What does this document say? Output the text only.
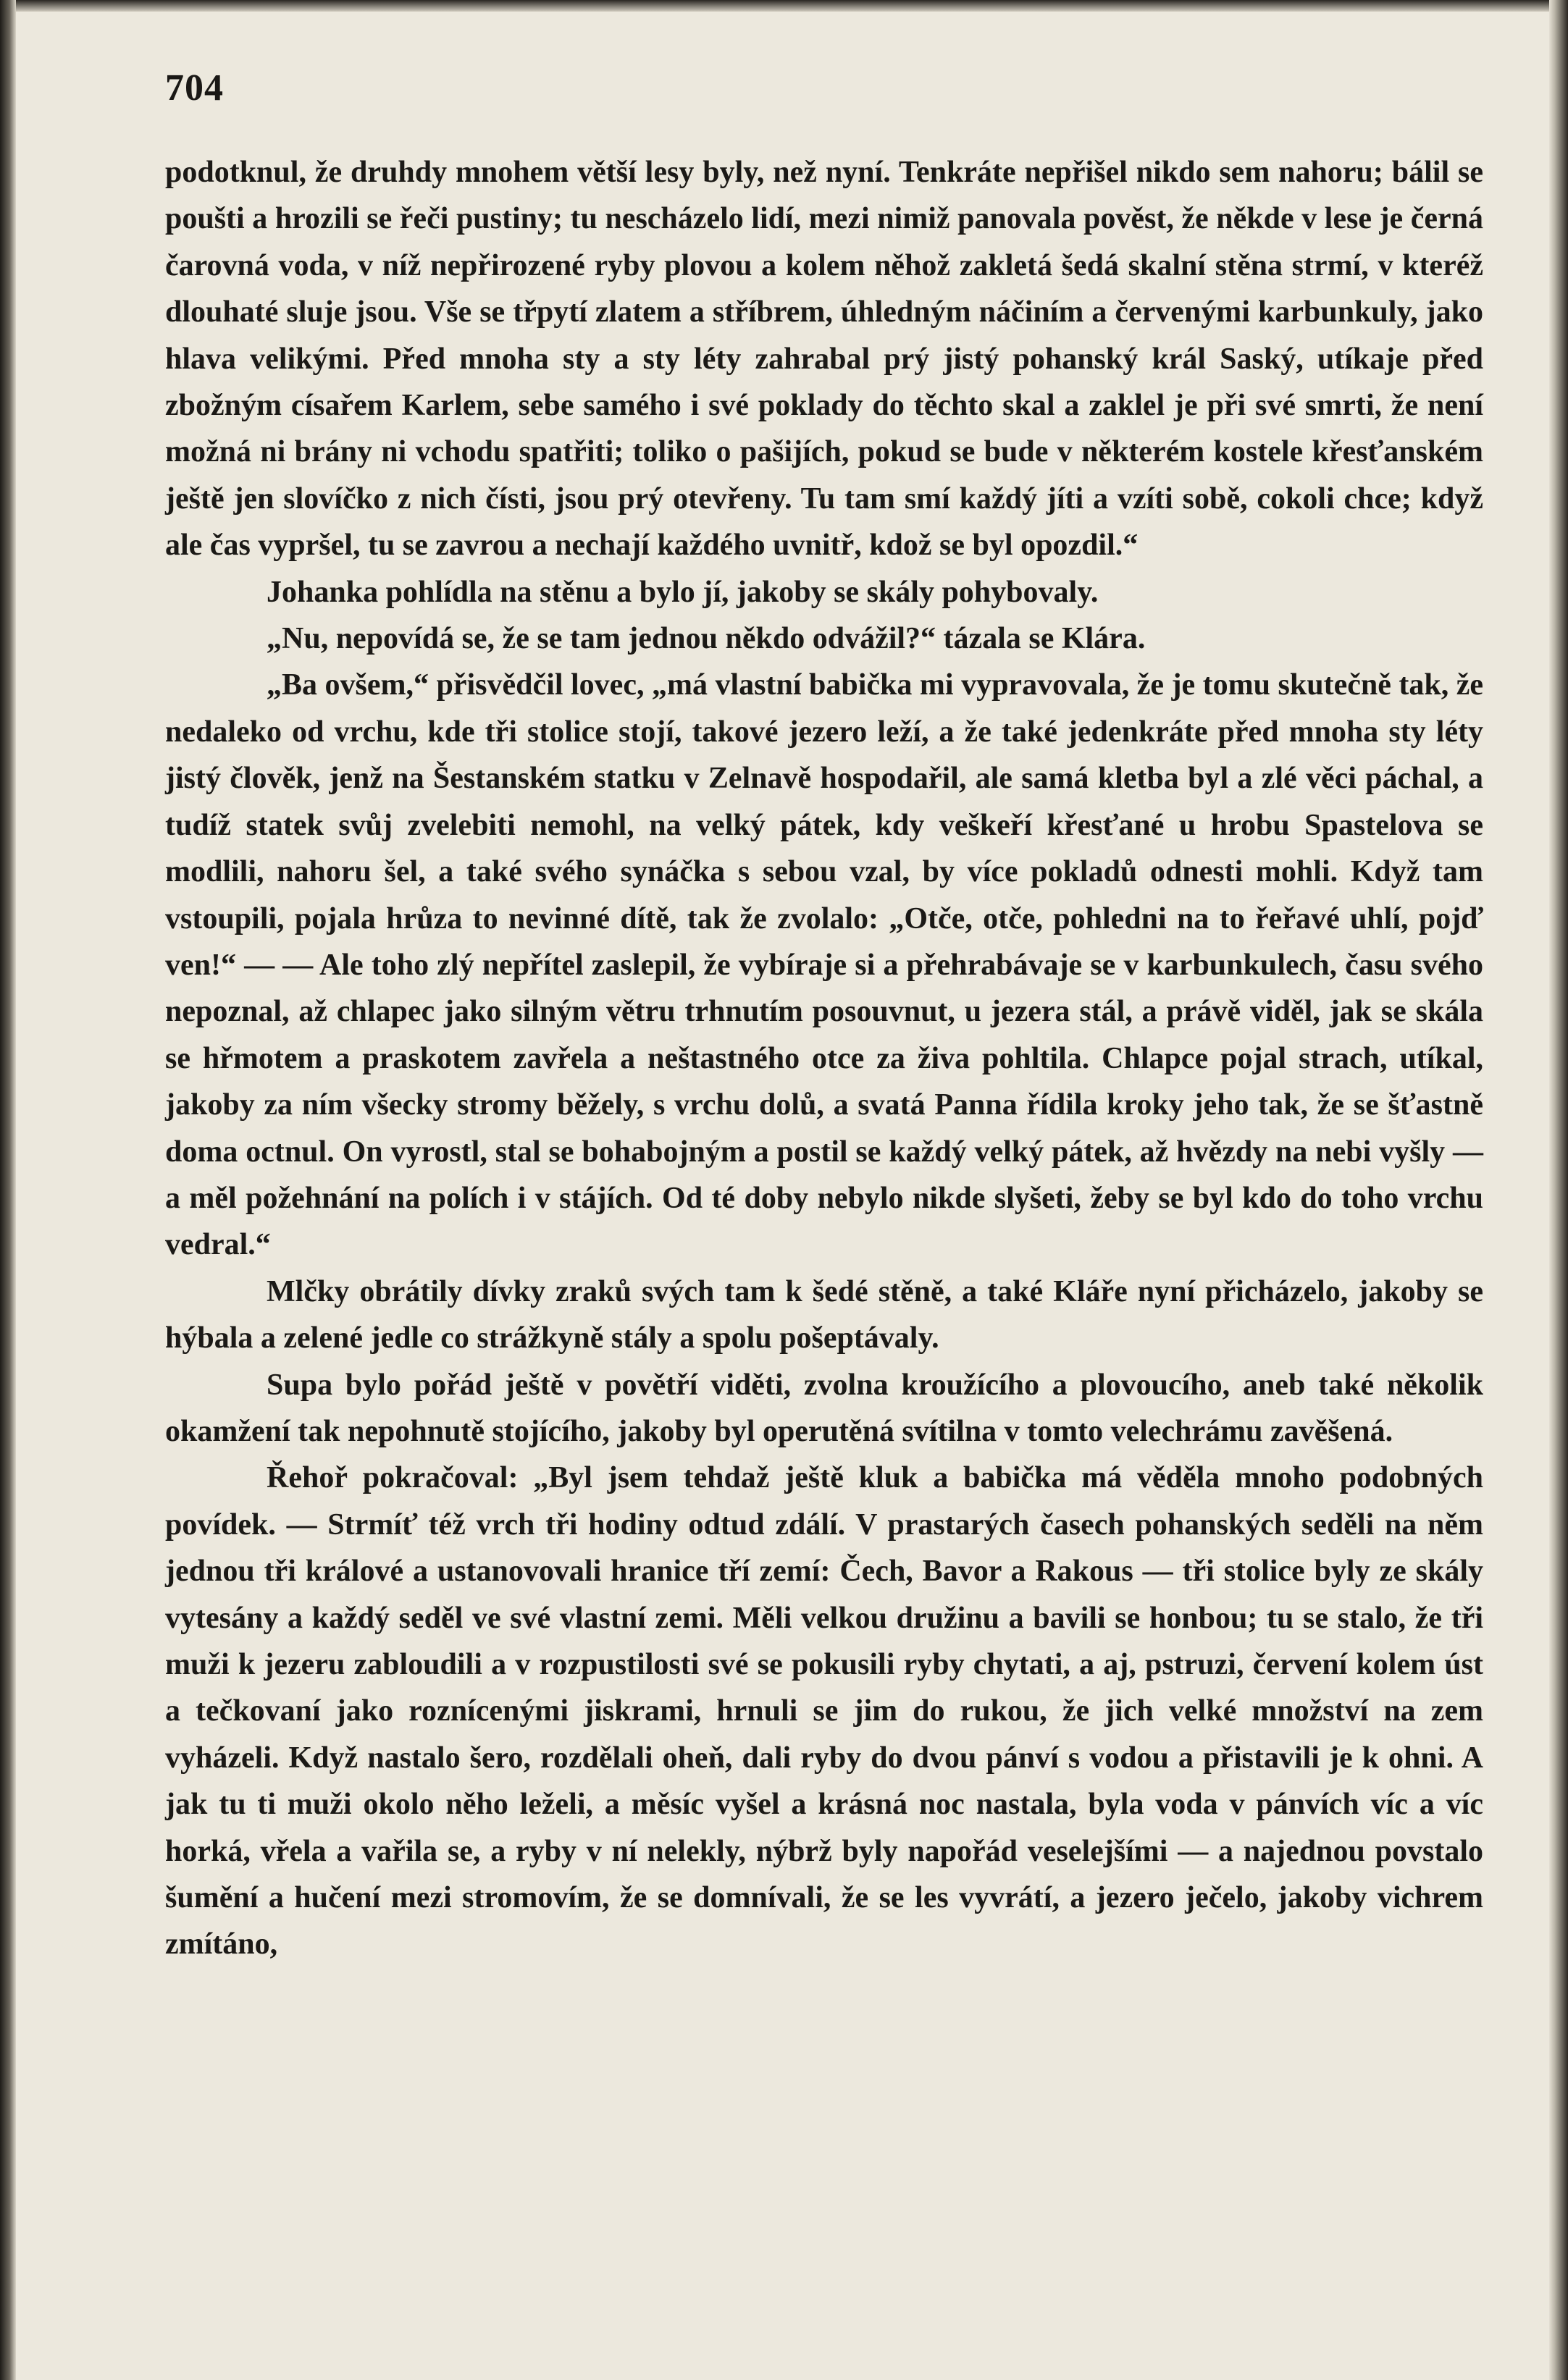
704

podotknul, že druhdy mnohem větší lesy byly, než nyní. Tenkráte nepřišel nikdo sem nahoru; bálil se poušti a hrozili se řeči pustiny; tu nescházelo lidí, mezi nimiž panovala pověst, že někde v lese je černá čarovná voda, v níž nepřirozené ryby plovou a kolem něhož zakletá šedá skalní stěna strmí, v kteréž dlouhaté sluje jsou. Vše se třpytí zlatem a stříbrem, úhledným náčiním a červenými karbunkuly, jako hlava velikými. Před mnoha sty a sty léty zahrabal prý jistý pohanský král Saský, utíkaje před zbožným císařem Karlem, sebe samého i své poklady do těchto skal a zaklel je při své smrti, že není možná ni brány ni vchodu spatřiti; toliko o pašijích, pokud se bude v některém kostele křesťanském ještě jen slovíčko z nich čísti, jsou prý otevřeny. Tu tam smí každý jíti a vzíti sobě, cokoli chce; když ale čas vypršel, tu se zavrou a nechají každého uvnitř, kdož se byl opozdil.“

Johanka pohlídla na stěnu a bylo jí, jakoby se skály pohybovaly.

„Nu, nepovídá se, že se tam jednou někdo odvážil?“ tázala se Klára.

„Ba ovšem,“ přisvědčil lovec, „má vlastní babička mi vypravovala, že je tomu skutečně tak, že nedaleko od vrchu, kde tři stolice stojí, takové jezero leží, a že také jedenkráte před mnoha sty léty jistý člověk, jenž na Šestanském statku v Zelnavě hospodařil, ale samá kletba byl a zlé věci páchal, a tudíž statek svůj zvelebiti nemohl, na velký pátek, kdy veškeří křesťané u hrobu Spastelova se modlili, nahoru šel, a také svého synáčka s sebou vzal, by více pokladů odnesti mohli. Když tam vstoupili, pojala hrůza to nevinné dítě, tak že zvolalo: „Otče, otče, pohledni na to řeřavé uhlí, pojď ven!“ — — Ale toho zlý nepřítel zaslepil, že vybíraje si a přehrabávaje se v karbunkulech, času svého nepoznal, až chlapec jako silným větru trhnutím posouvnut, u jezera stál, a právě viděl, jak se skála se hřmotem a praskotem zavřela a neštastného otce za živa pohltila. Chlapce pojal strach, utíkal, jakoby za ním všecky stromy běžely, s vrchu dolů, a svatá Panna řídila kroky jeho tak, že se šťastně doma octnul. On vyrostl, stal se bohabojným a postil se každý velký pátek, až hvězdy na nebi vyšly — a měl požehnání na polích i v stájích. Od té doby nebylo nikde slyšeti, žeby se byl kdo do toho vrchu vedral.“

Mlčky obrátily dívky zraků svých tam k šedé stěně, a také Kláře nyní přicházelo, jakoby se hýbala a zelené jedle co strážkyně stály a spolu pošeptávaly.

Supa bylo pořád ještě v povětří viděti, zvolna kroužícího a plovoucího, aneb také několik okamžení tak nepohnutě stojícího, jakoby byl operutěná svítilna v tomto velechrámu zavěšená.

Řehoř pokračoval: „Byl jsem tehdaž ještě kluk a babička má věděla mnoho podobných povídek. — Strmíť též vrch tři hodiny odtud zdálí. V prastarých časech pohanských seděli na něm jednou tři králové a ustanovovali hranice tří zemí: Čech, Bavor a Rakous — tři stolice byly ze skály vytesány a každý seděl ve své vlastní zemi. Měli velkou družinu a bavili se honbou; tu se stalo, že tři muži k jezeru zabloudili a v rozpustilosti své se pokusili ryby chytati, a aj, pstruzi, červení kolem úst a tečkovaní jako roznícenými jiskrami, hrnuli se jim do rukou, že jich velké množství na zem vyházeli. Když nastalo šero, rozdělali oheň, dali ryby do dvou pánví s vodou a přistavili je k ohni. A jak tu ti muži okolo něho leželi, a měsíc vyšel a krásná noc nastala, byla voda v pánvích víc a víc horká, vřela a vařila se, a ryby v ní nelekly, nýbrž byly napořád veselejšími — a najednou povstalo šumění a hučení mezi stromovím, že se domnívali, že se les vyvrátí, a jezero ječelo, jakoby vichrem zmítáno,
